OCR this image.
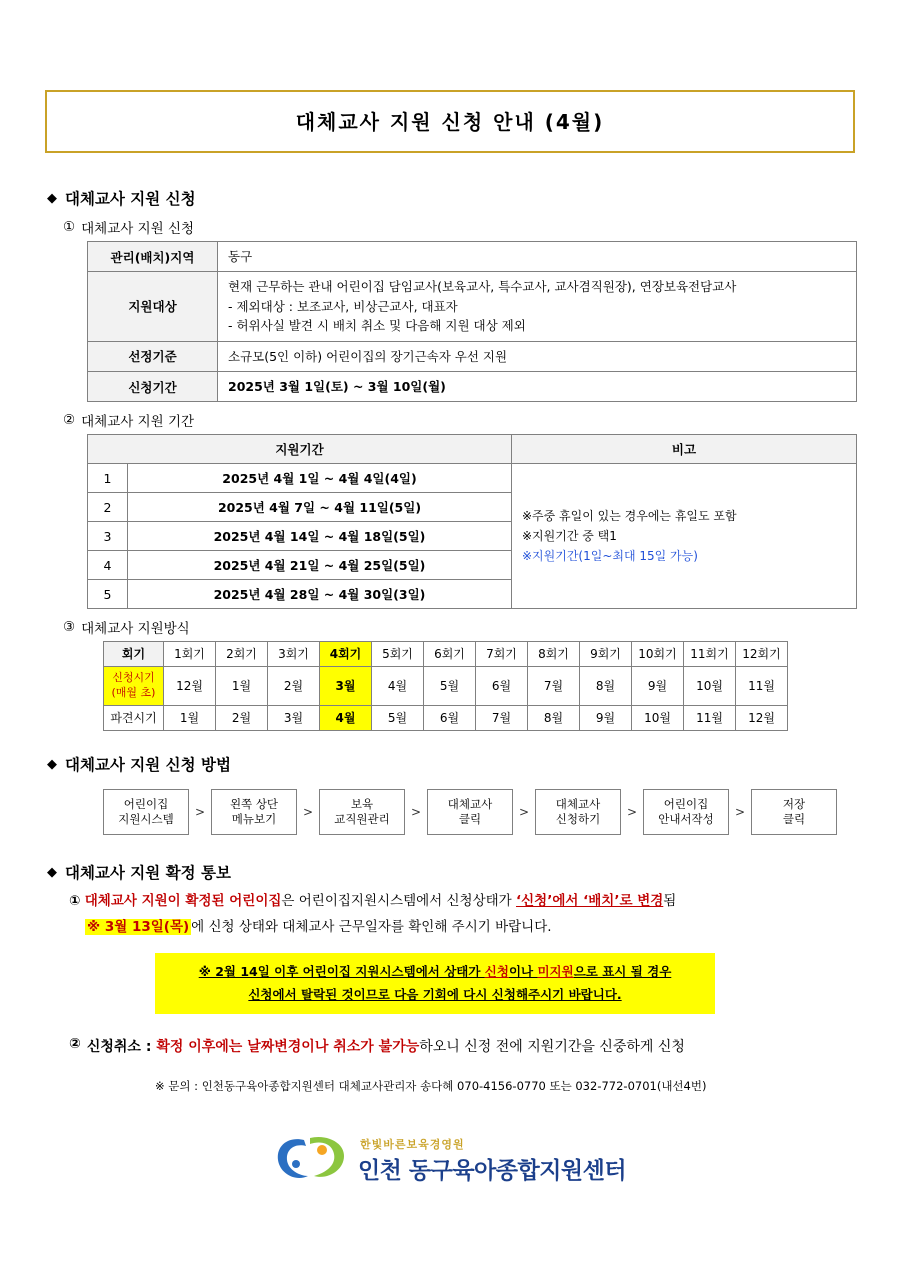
대체교사 지원 신청 안내 (4월)
◆ 대체교사 지원 신청
① 대체교사 지원 신청
관리(배치)지역	동구

지원대상	현재 근무하는 관내 어린이집 담임교사(보육교사, 특수교사, 교사겸직원장), 연장보육전담교사
- 제외대상 : 보조교사, 비상근교사, 대표자
- 허위사실 발견 시 배치 취소 및 다음해 지원 대상 제외

선정기준	소규모(5인 이하) 어린이집의 장기근속자 우선 지원

신청기간	2025년 3월 1일(토) ~ 3월 10일(월)
② 대체교사 지원 기간
지원기간		비고
1	2025년 4월 1일 ~ 4월 4일(4일)	※주중 휴일이 있는 경우에는 휴일도 포함
※지원기간 중 택1
※지원기간(1일~최대 15일 가능)

2	2025년 4월 7일 ~ 4월 11일(5일)	
3	2025년 4월 14일 ~ 4월 18일(5일)	
4	2025년 4월 21일 ~ 4월 25일(5일)	
5	2025년 4월 28일 ~ 4월 30일(3일)	
③ 대체교사 지원방식
회기	1회기	2회기	3회기	4회기	5회기	6회기	7회기	8회기	9회기	10회기	11회기	12회기

신청시기
(매월 초)	12월	1월	2월	3월	4월	5월	6월	7월	8월	9월	10월	11월
파견시기	1월	2월	3월	4월	5월	6월	7월	8월	9월	10월	11월	12월
◆ 대체교사 지원 신청 방법
어린이집
지원시스템	>
왼쪽 상단
메뉴보기	>
보육
교직원관리	>
대체교사
클릭	>
대체교사
신청하기	>
어린이집
안내서작성	>
저장
클릭
◆ 대체교사 지원 확정 통보
① 대체교사 지원이 확정된 어린이집은 어린이집지원시스템에서 신청상태가 ‘신청’에서 ‘배치’로 변경됨
※ 3월 13일(목) 에 신청 상태와 대체교사 근무일자를 확인해 주시기 바랍니다.
※ 2월 14일 이후 어린이집 지원시스템에서 상태가 신청이나 미지원으로 표시 될 경우
신청에서 탈락된 것이므로 다음 기회에 다시 신청해주시기 바랍니다.
② 신청취소 : 확정 이후에는 날짜변경이나 취소가 불가능하오니 신정 전에 지원기간을 신중하게 신청
※ 문의 : 인천동구육아종합지원센터 대체교사관리자 송다혜 070-4156-0770 또는 032-772-0701(내선4번)
한빛바른보육경영원
인천 동구육아종합지원센터
